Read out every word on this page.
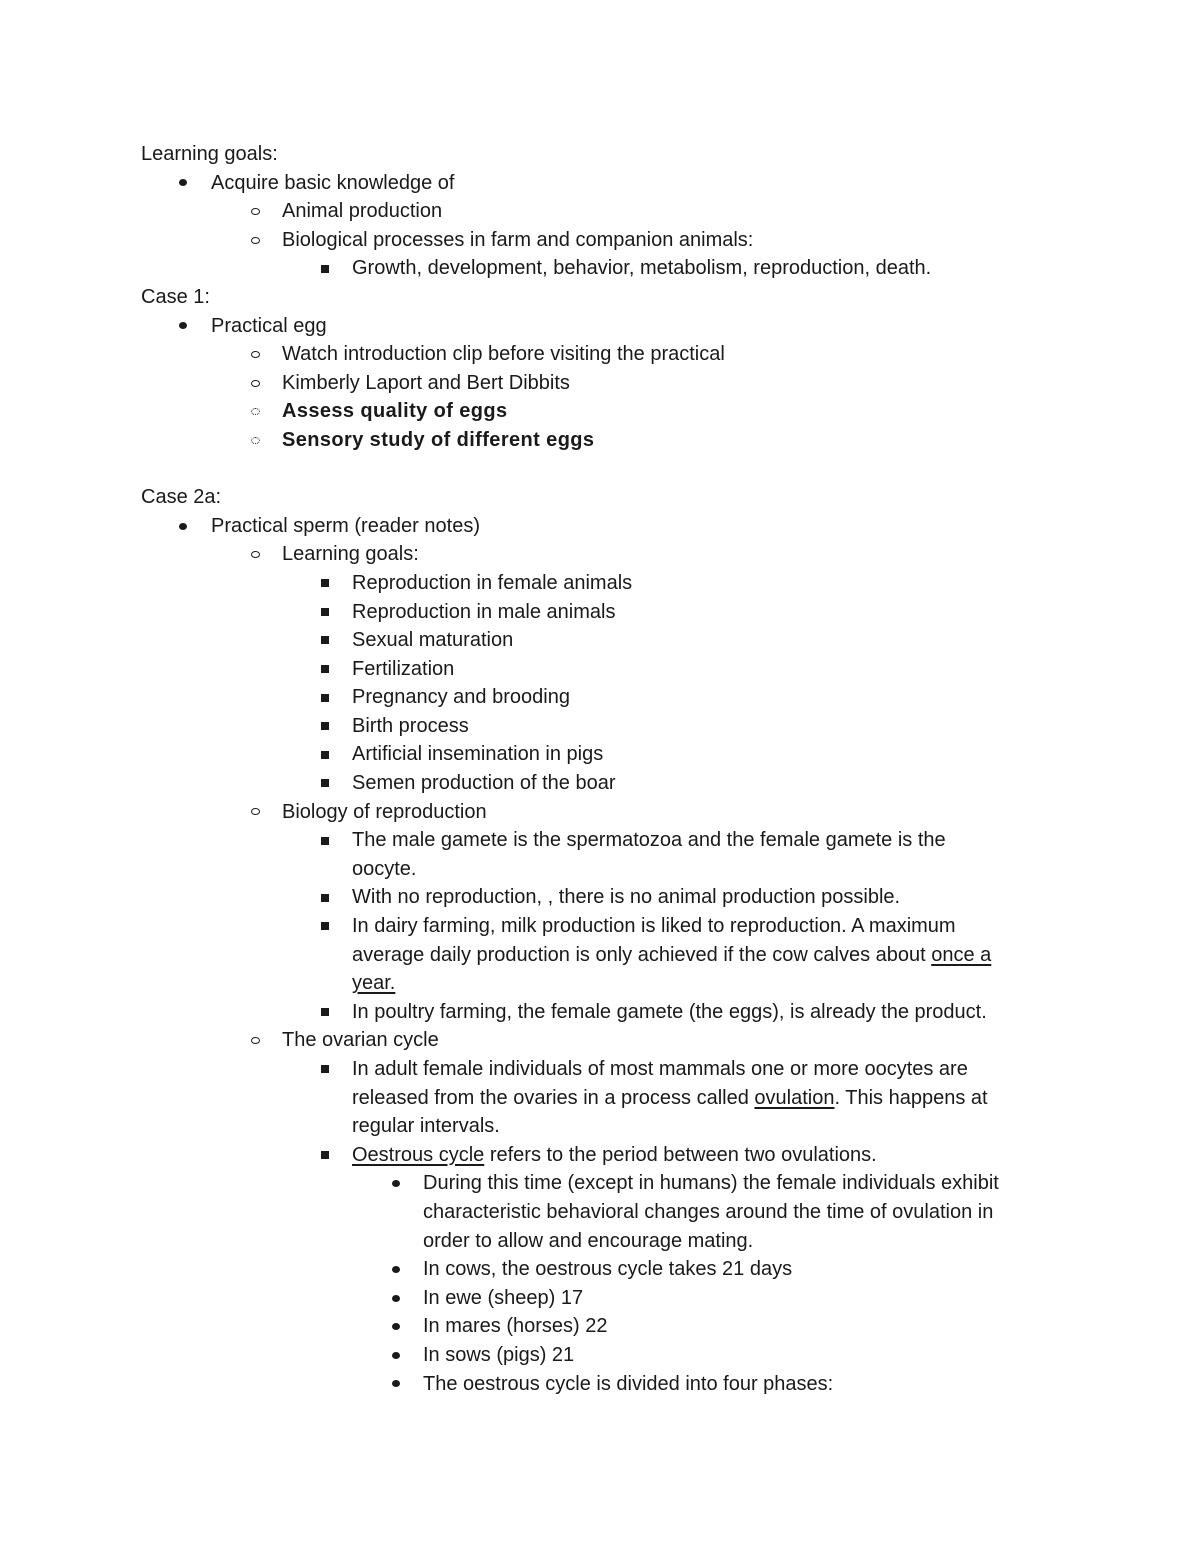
Learning goals:
Acquire basic knowledge of
Animal production
Biological processes in farm and companion animals:
Growth, development, behavior, metabolism, reproduction, death.
Case 1:
Practical egg
Watch introduction clip before visiting the practical
Kimberly Laport and Bert Dibbits
Assess quality of eggs
Sensory study of different eggs
Case 2a:
Practical sperm (reader notes)
Learning goals:
Reproduction in female animals
Reproduction in male animals
Sexual maturation
Fertilization
Pregnancy and brooding
Birth process
Artificial insemination in pigs
Semen production of the boar
Biology of reproduction
The male gamete is the spermatozoa and the female gamete is the
oocyte.
With no reproduction, , there is no animal production possible.
In dairy farming, milk production is liked to reproduction. A maximum
average daily production is only achieved if the cow calves about once a
year.
In poultry farming, the female gamete (the eggs), is already the product.
The ovarian cycle
In adult female individuals of most mammals one or more oocytes are
released from the ovaries in a process called ovulation. This happens at
regular intervals.
Oestrous cycle refers to the period between two ovulations.
During this time (except in humans) the female individuals exhibit
characteristic behavioral changes around the time of ovulation in
order to allow and encourage mating.
In cows, the oestrous cycle takes 21 days
In ewe (sheep) 17
In mares (horses) 22
In sows (pigs) 21
The oestrous cycle is divided into four phases:
